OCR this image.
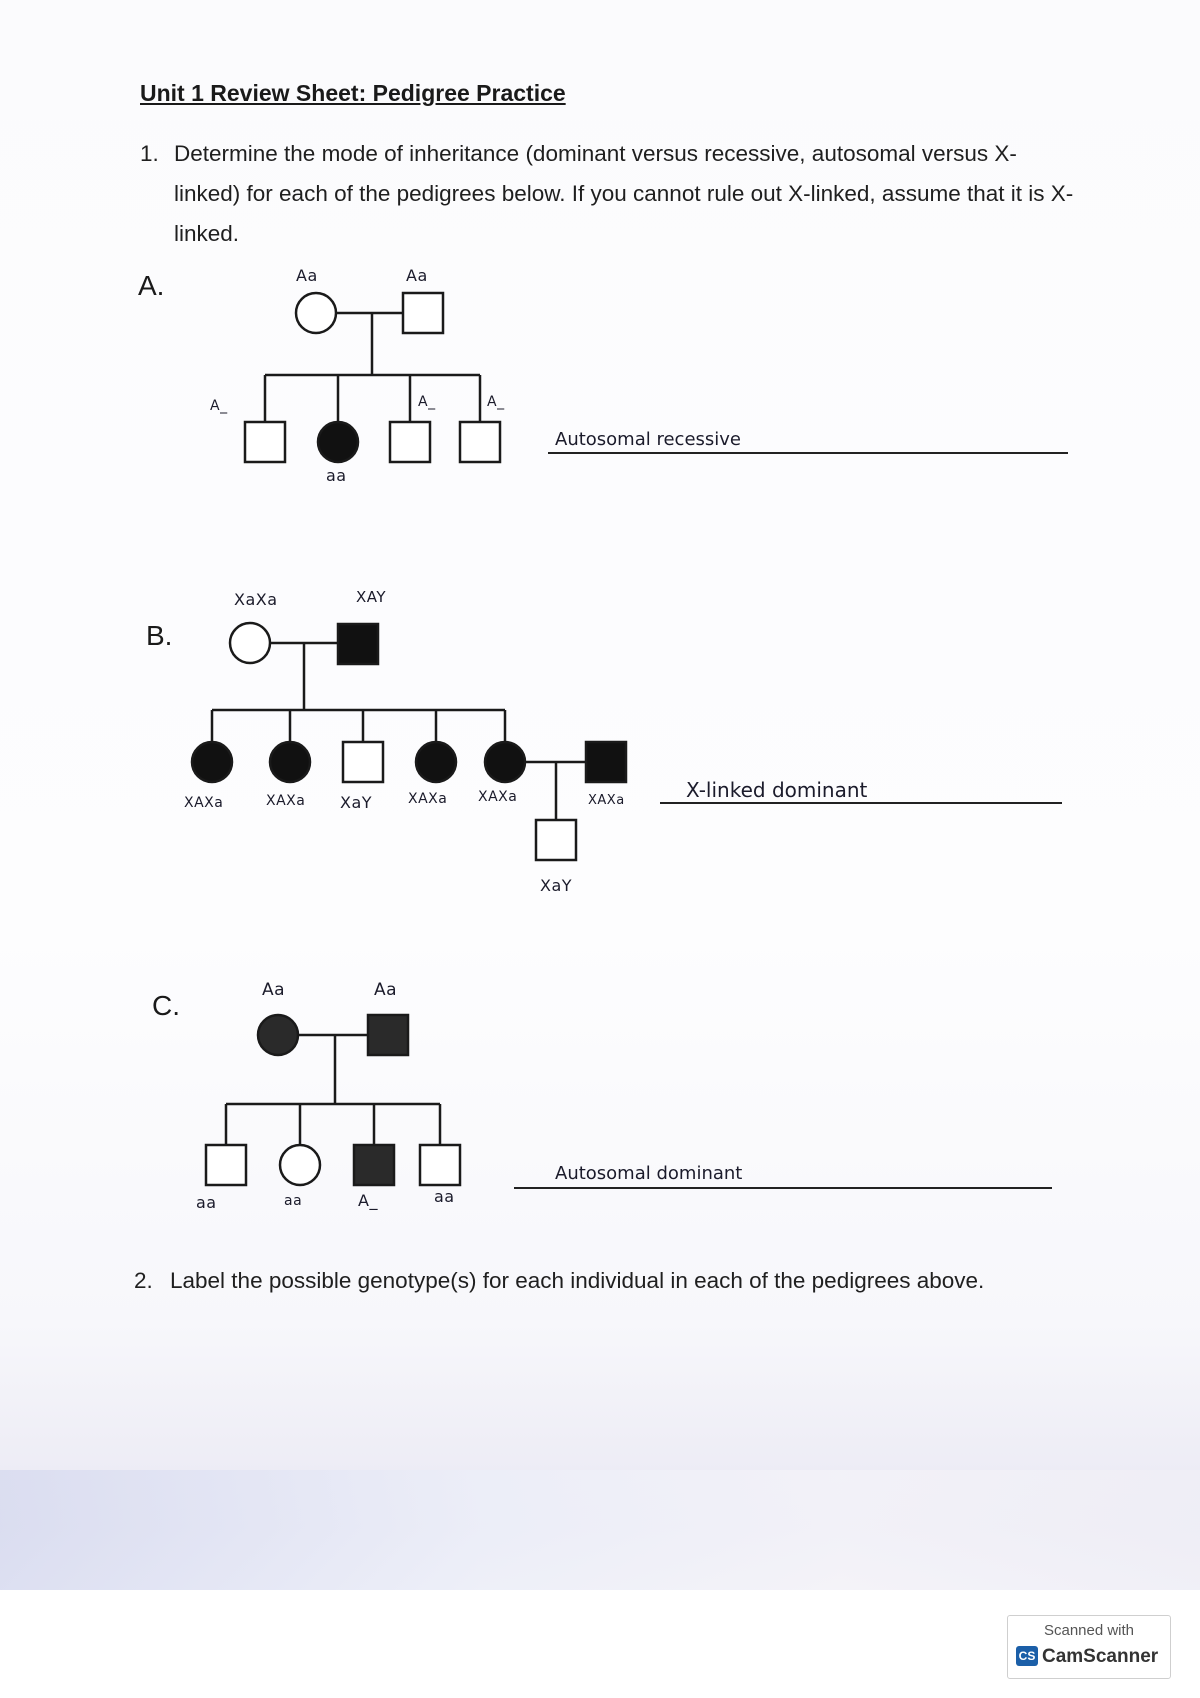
Unit 1 Review Sheet: Pedigree Practice
1. Determine the mode of inheritance (dominant versus recessive, autosomal versus X-linked) for each of the pedigrees below. If you cannot rule out X-linked, assume that it is X-linked.
A.
B.
C.
Aa	Aa
A_	A_	A_
aa
Autosomal recessive
XaXa	XAY
XAXa	XAXa XaY	XAXa XAXa	XAXa
XaY
X-linked dominant
Aa	Aa
aa	aa	A_	aa
Autosomal dominant
2. Label the possible genotype(s) for each individual in each of the pedigrees above.
Scanned with
CS CamScanner
